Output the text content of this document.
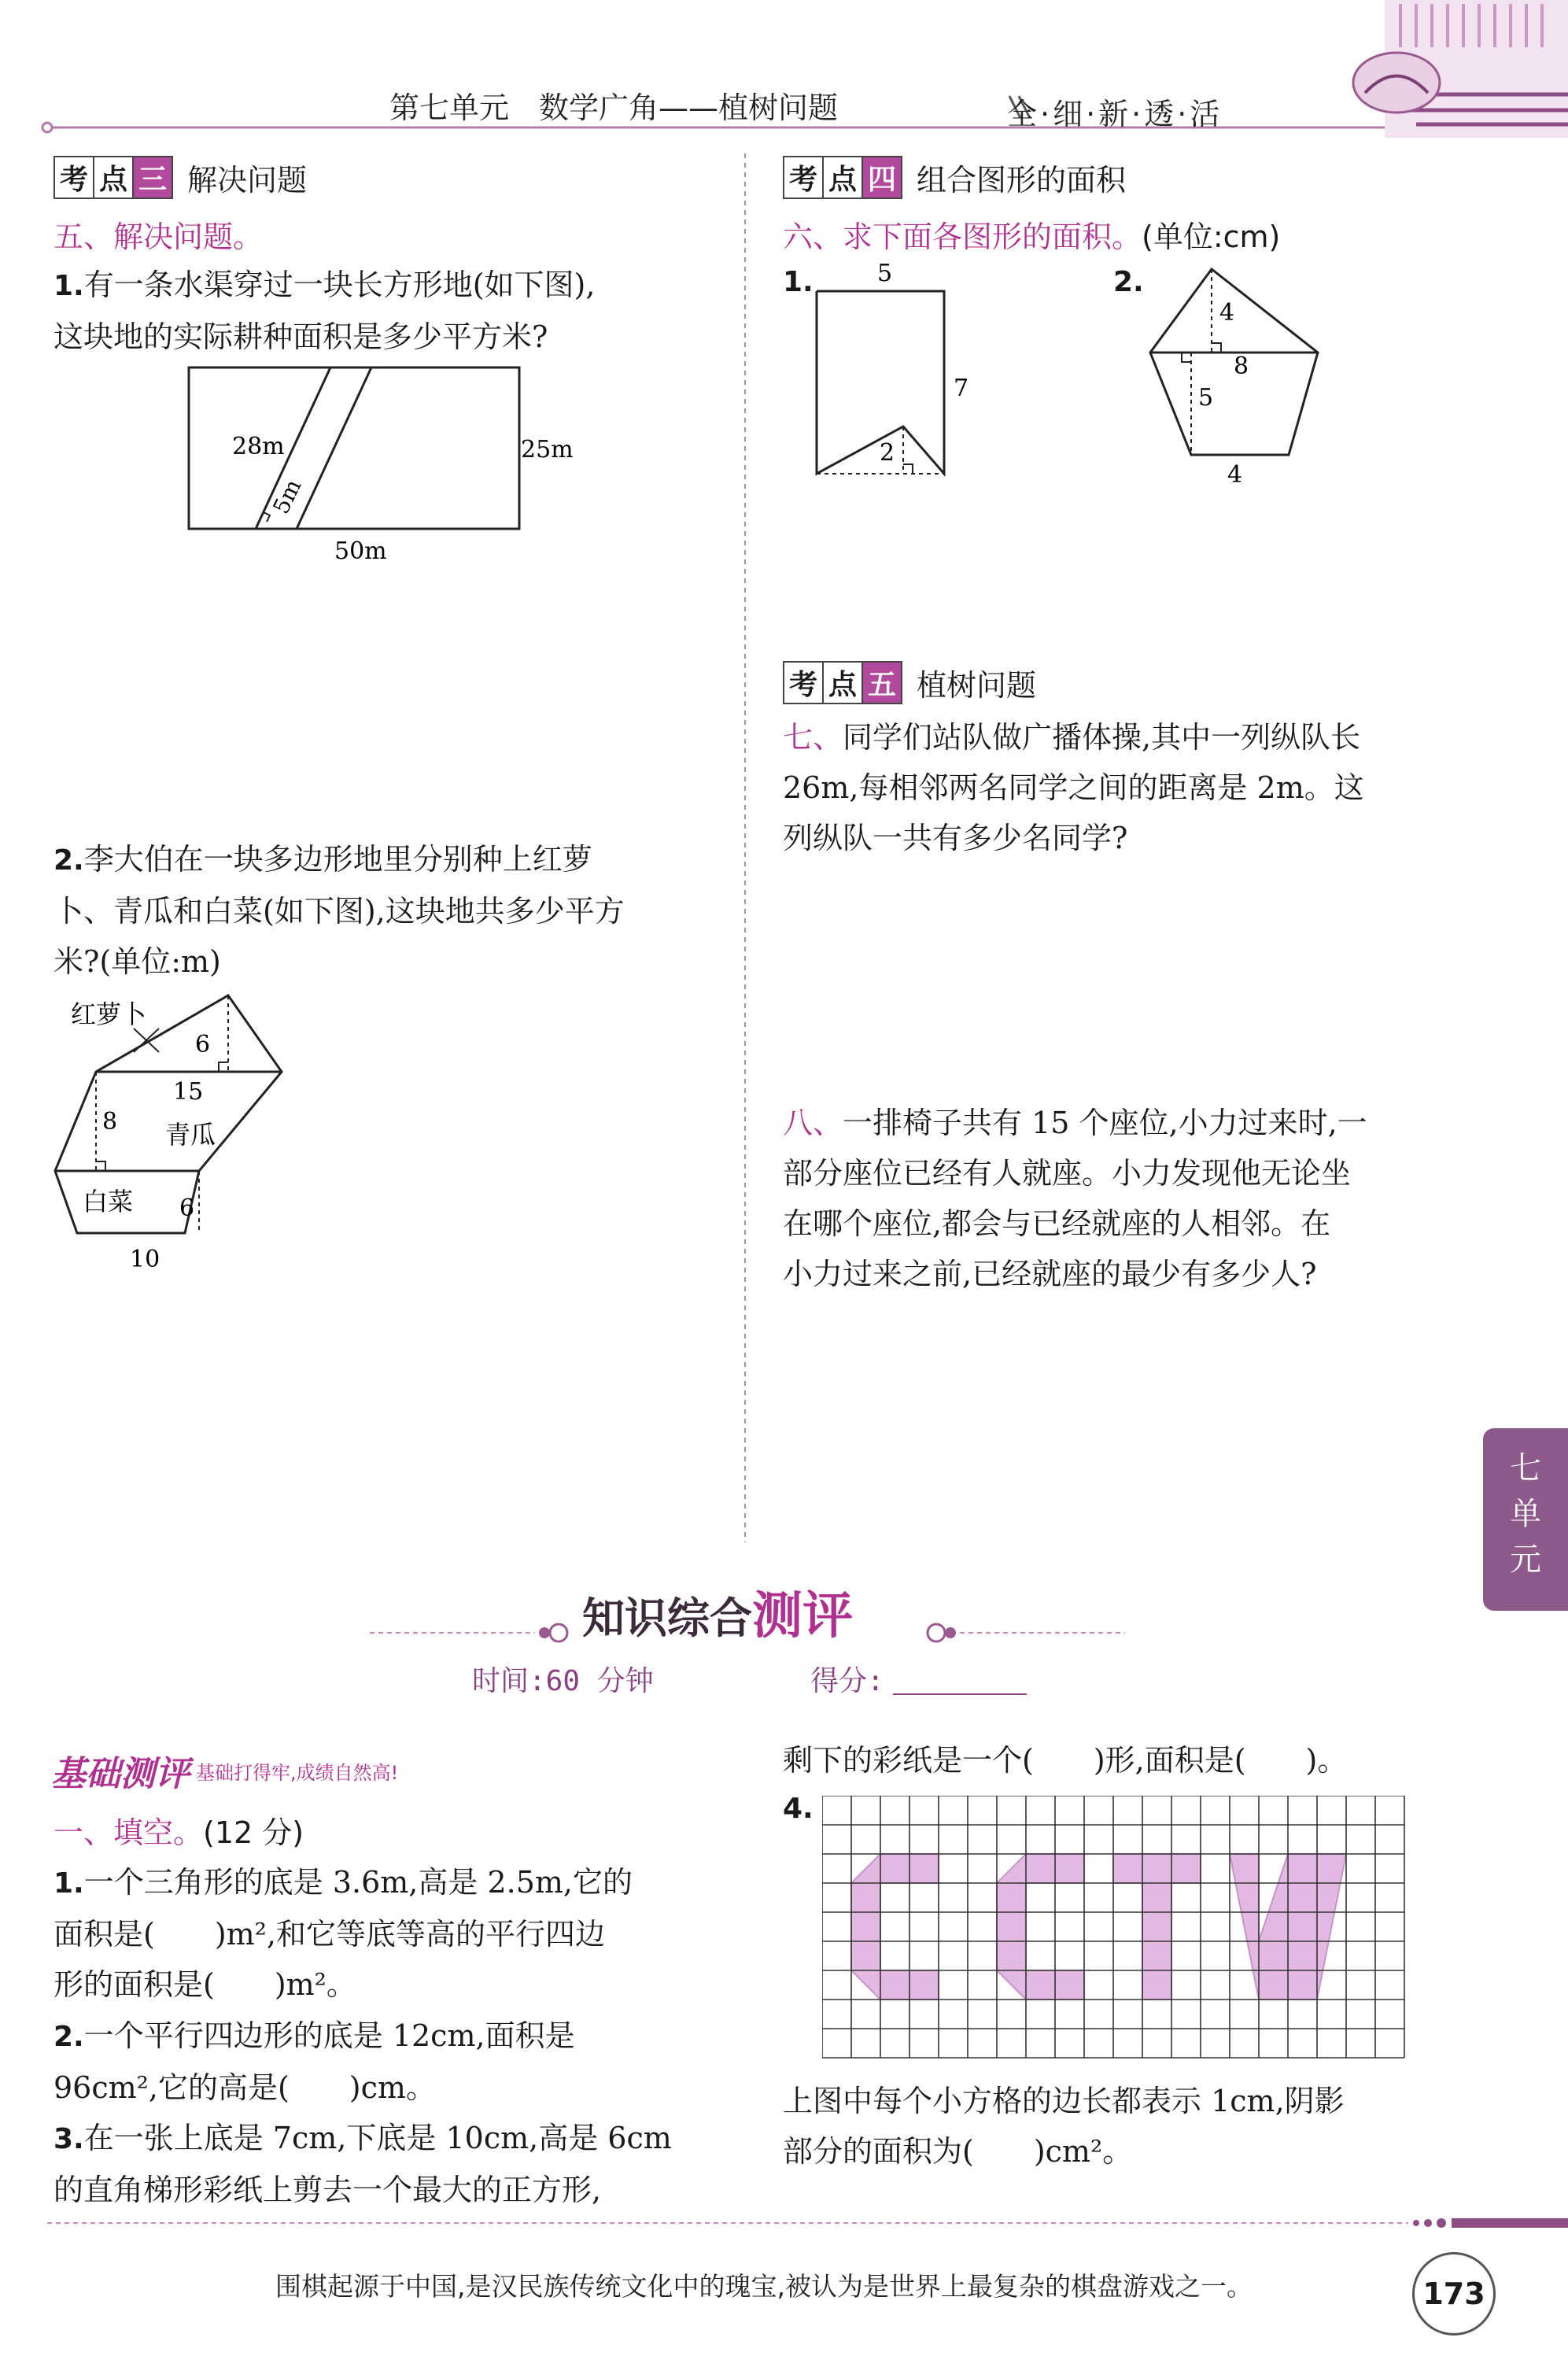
第七单元　数学广角——植树问题	全·细·新·透·活
考 点 三 解决问题
五、解决问题。
1.有一条水渠穿过一块长方形地(如下图),
这块地的实际耕种面积是多少平方米?
28m	25m
50m
5m
2.李大伯在一块多边形地里分别种上红萝
卜、青瓜和白菜(如下图),这块地共多少平方
米?(单位:m)
红萝卜
6
15
8 青瓜
白菜 6
10
考 点 四 组合图形的面积
六、求下面各图形的面积。(单位:cm)
1.	5
7
2
2.
4
8
5
4
考 点 五 植树问题
七、同学们站队做广播体操,其中一列纵队长
26m,每相邻两名同学之间的距离是 2m。这
列纵队一共有多少名同学?
八、一排椅子共有 15 个座位,小力过来时,一
部分座位已经有人就座。小力发现他无论坐
在哪个座位,都会与已经就座的人相邻。在
小力过来之前,已经就座的最少有多少人?
七
单
元
知识综合测评
时间:60 分钟	得分:
基础测评 基础打得牢,成绩自然高!
一、填空。(12 分)
1.一个三角形的底是 3.6m,高是 2.5m,它的
面积是(　　)m²,和它等底等高的平行四边
形的面积是(　　)m²。
2.一个平行四边形的底是 12cm,面积是
96cm²,它的高是(　　)cm。
3.在一张上底是 7cm,下底是 10cm,高是 6cm
的直角梯形彩纸上剪去一个最大的正方形,
剩下的彩纸是一个(　　)形,面积是(　　)。
4.
上图中每个小方格的边长都表示 1cm,阴影
部分的面积为(　　)cm²。
围棋起源于中国,是汉民族传统文化中的瑰宝,被认为是世界上最复杂的棋盘游戏之一。	173
